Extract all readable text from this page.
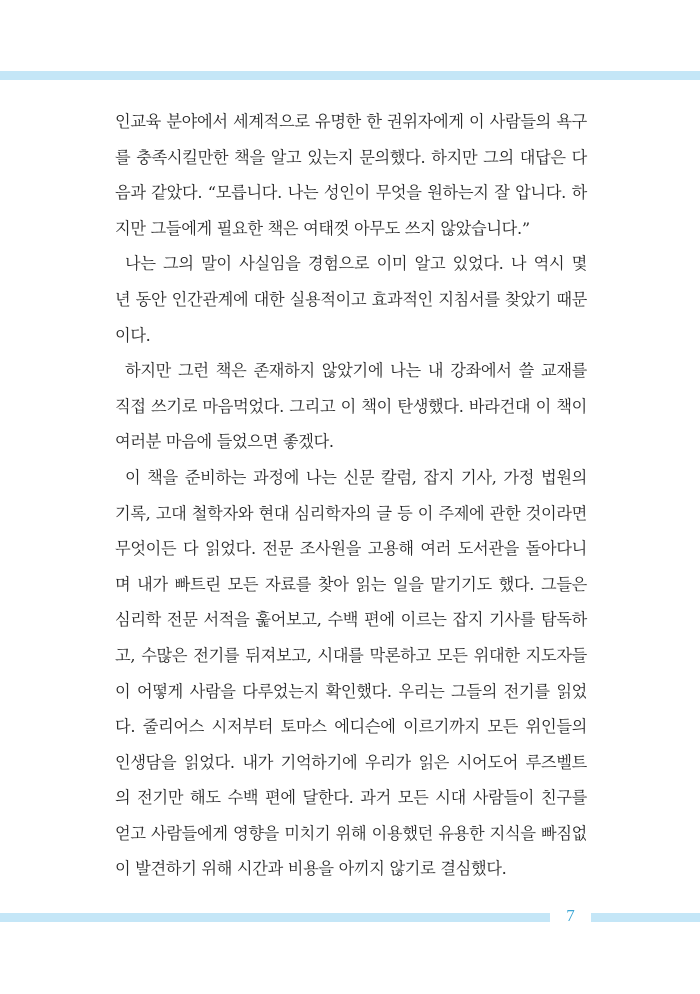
인교육 분야에서 세계적으로 유명한 한 권위자에게 이 사람들의 욕구
를 충족시킬만한 책을 알고 있는지 문의했다. 하지만 그의 대답은 다
음과 같았다. “모릅니다. 나는 성인이 무엇을 원하는지 잘 압니다. 하
지만 그들에게 필요한 책은 여태껏 아무도 쓰지 않았습니다.”
나는 그의 말이 사실임을 경험으로 이미 알고 있었다. 나 역시 몇
년 동안 인간관계에 대한 실용적이고 효과적인 지침서를 찾았기 때문
이다.
하지만 그런 책은 존재하지 않았기에 나는 내 강좌에서 쓸 교재를
직접 쓰기로 마음먹었다. 그리고 이 책이 탄생했다. 바라건대 이 책이
여러분 마음에 들었으면 좋겠다.
이 책을 준비하는 과정에 나는 신문 칼럼, 잡지 기사, 가정 법원의
기록, 고대 철학자와 현대 심리학자의 글 등 이 주제에 관한 것이라면
무엇이든 다 읽었다. 전문 조사원을 고용해 여러 도서관을 돌아다니
며 내가 빠트린 모든 자료를 찾아 읽는 일을 맡기기도 했다. 그들은
심리학 전문 서적을 훑어보고, 수백 편에 이르는 잡지 기사를 탐독하
고, 수많은 전기를 뒤져보고, 시대를 막론하고 모든 위대한 지도자들
이 어떻게 사람을 다루었는지 확인했다. 우리는 그들의 전기를 읽었
다. 줄리어스 시저부터 토마스 에디슨에 이르기까지 모든 위인들의
인생담을 읽었다. 내가 기억하기에 우리가 읽은 시어도어 루즈벨트
의 전기만 해도 수백 편에 달한다. 과거 모든 시대 사람들이 친구를
얻고 사람들에게 영향을 미치기 위해 이용했던 유용한 지식을 빠짐없
이 발견하기 위해 시간과 비용을 아끼지 않기로 결심했다.
7
